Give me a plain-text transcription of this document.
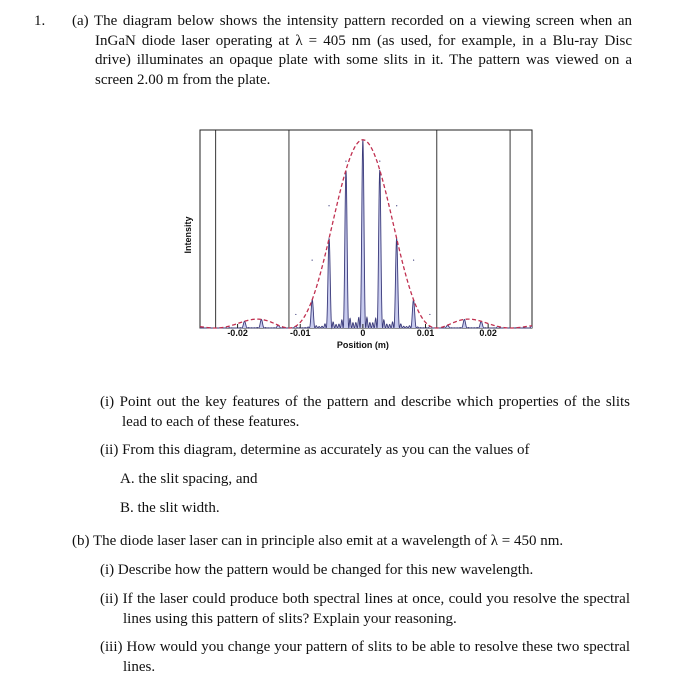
1. (a) The diagram below shows the intensity pattern recorded on a viewing screen when an InGaN diode laser operating at λ = 405 nm (as used, for example, in a Blu-ray Disc drive) illuminates an opaque plate with some slits in it. The pattern was viewed on a screen 2.00 m from the plate.
-0.02	-0.01	0	0.01	0.02
Position (m)
Intensity
(i) Point out the key features of the pattern and describe which properties of the slits lead to each of these features.
(ii) From this diagram, determine as accurately as you can the values of
A. the slit spacing, and
B. the slit width.
(b) The diode laser laser can in principle also emit at a wavelength of λ = 450 nm.
(i) Describe how the pattern would be changed for this new wavelength.
(ii) If the laser could produce both spectral lines at once, could you resolve the spectral lines using this pattern of slits? Explain your reasoning.
(iii) How would you change your pattern of slits to be able to resolve these two spectral lines.
